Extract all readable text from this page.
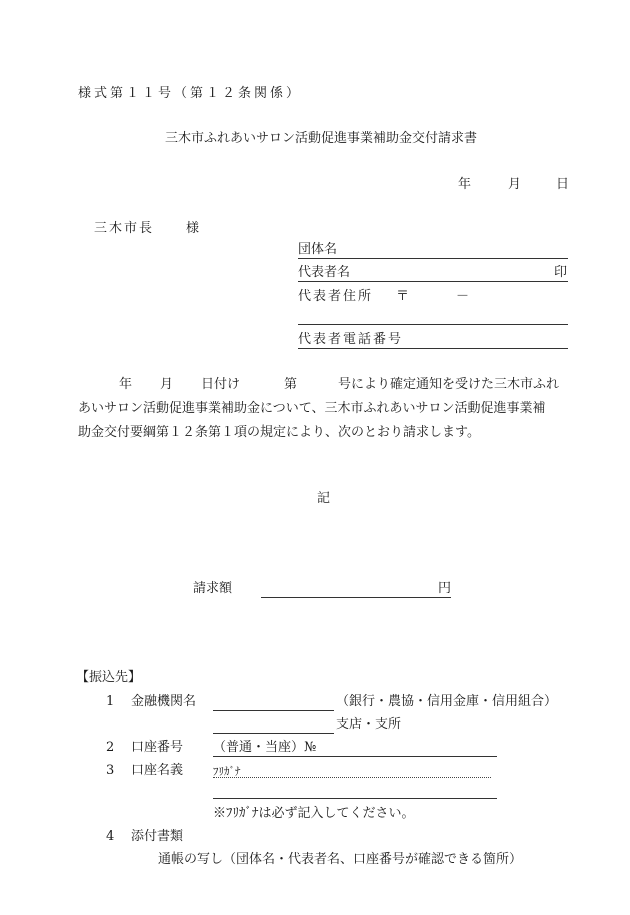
様式第１１号（第１２条関係）
三木市ふれあいサロン活動促進事業補助金交付請求書
年	月	日
三木市長 様
団体名
代表者名	印
代表者住所 〒	－
代表者電話番号
年 月 日付け	第	号により確定通知を受けた三木市ふれ
あいサロン活動促進事業補助金について、三木市ふれあいサロン活動促進事業補
助金交付要綱第１２条第１項の規定により、次のとおり請求します。
記
請求額	円
【振込先】
1 金融機関名	（銀行・農協・信用金庫・信用組合）
支店・支所
2 口座番号 （普通・当座）№
3 口座名義	ﾌﾘｶﾞﾅ
※ﾌﾘｶﾞﾅは必ず記入してください。
4 添付書類
通帳の写し（団体名・代表者名、口座番号が確認できる箇所）
